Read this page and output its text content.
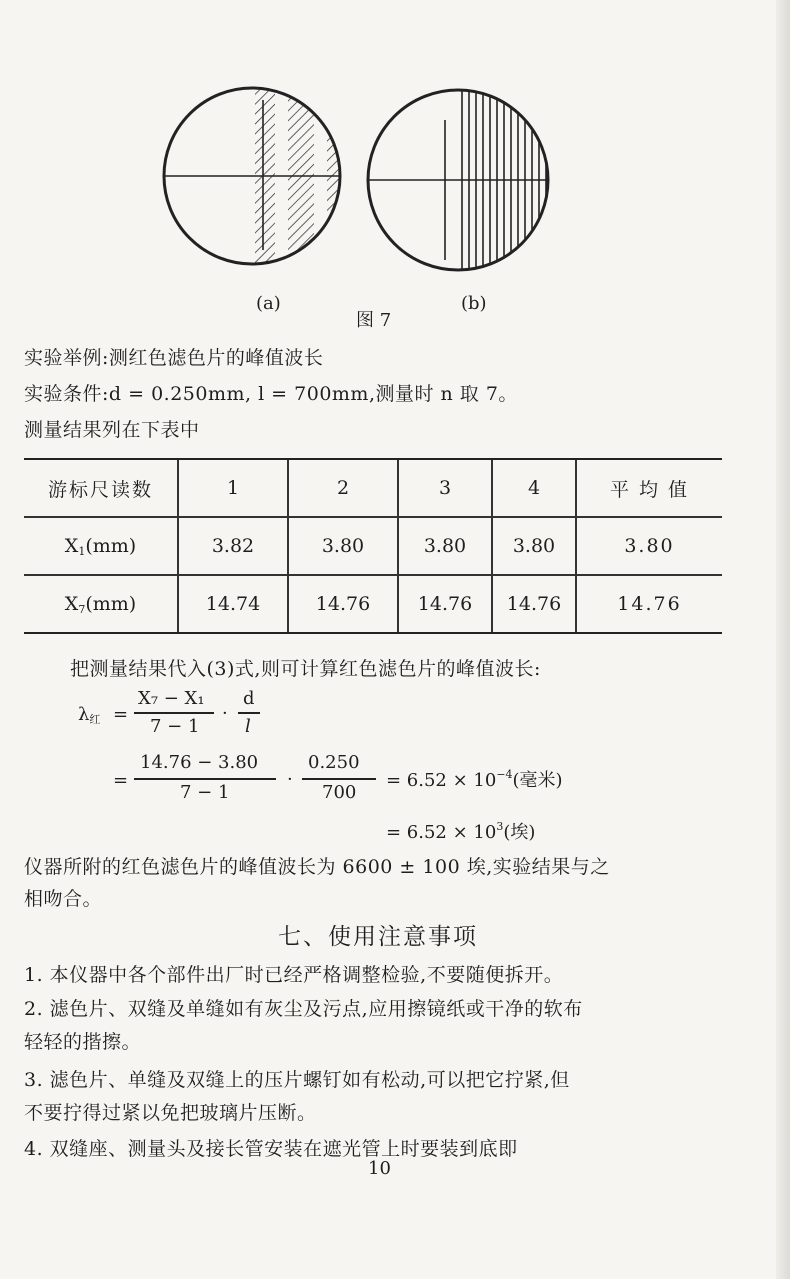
(a)	(b)
图 7
实验举例:测红色滤色片的峰值波长
实验条件:d = 0.250mm, l = 700mm,测量时 n 取 7。
测量结果列在下表中
游标尺读数	1	2	3	4	平 均 值
$X_1(mm)$	3.82	3.80	3.80	3.80	3.80
$X_7(mm)$	14.74	14.76	14.76	14.76	14.76
把测量结果代入(3)式,则可计算红色滤色片的峰值波长:
$\lambda_红$ =
X₇ − X₁
7 − 1
·
d
l
=
14.76 − 3.80
7 − 1
·
0.250
700
= $6.52 \times 10^{-4}$(毫米)
= $6.52 \times 10^3$(埃)
仪器所附的红色滤色片的峰值波长为 6600 ± 100 埃,实验结果与之
相吻合。
七、使用注意事项
1. 本仪器中各个部件出厂时已经严格调整检验,不要随便拆开。
2. 滤色片、双缝及单缝如有灰尘及污点,应用擦镜纸或干净的软布
轻轻的揩擦。
3. 滤色片、单缝及双缝上的压片螺钉如有松动,可以把它拧紧,但
不要拧得过紧以免把玻璃片压断。
4. 双缝座、测量头及接长管安装在遮光管上时要装到底即
10
